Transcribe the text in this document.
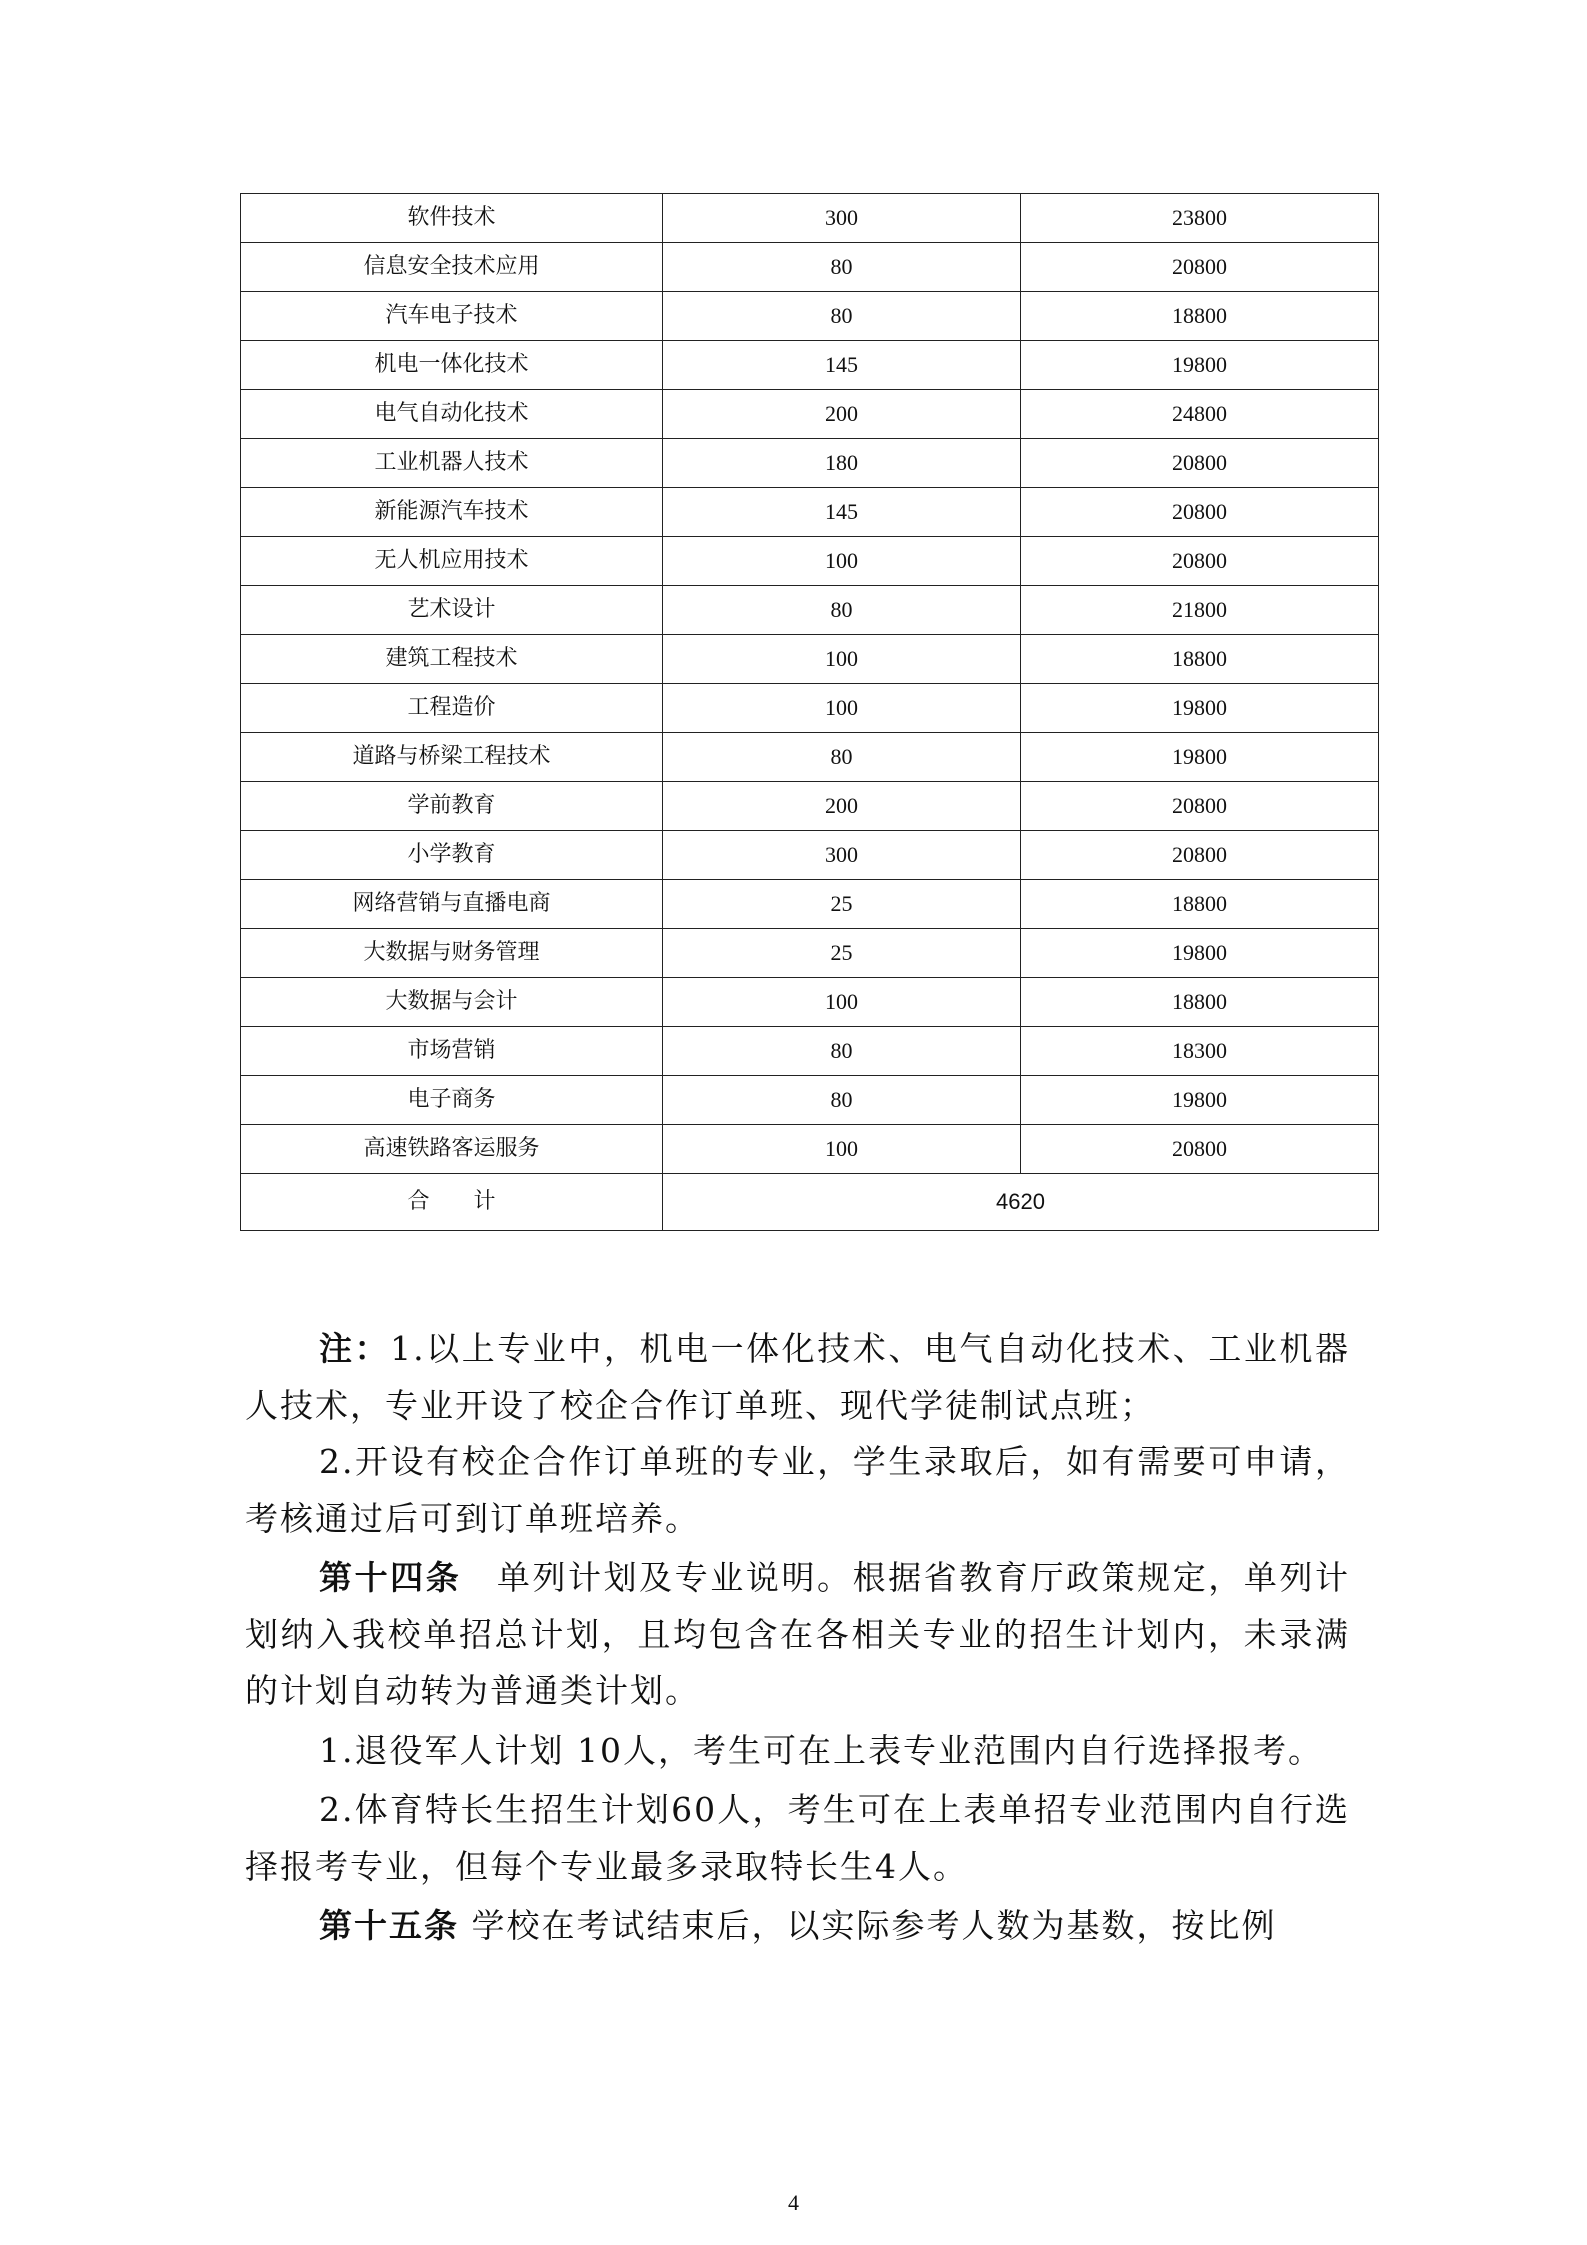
软件技术	300	23800
信息安全技术应用	80	20800
汽车电子技术	80	18800
机电一体化技术	145	19800
电气自动化技术	200	24800
工业机器人技术	180	20800
新能源汽车技术	145	20800
无人机应用技术	100	20800
艺术设计	80	21800
建筑工程技术	100	18800
工程造价	100	19800
道路与桥梁工程技术	80	19800
学前教育	200	20800
小学教育	300	20800
网络营销与直播电商	25	18800
大数据与财务管理	25	19800
大数据与会计	100	18800
市场营销	80	18300
电子商务	80	19800
高速铁路客运服务	100	20800
合　　计	4620	

注：1.以上专业中，机电一体化技术、电气自动化技术、工业机器人技术，专业开设了校企合作订单班、现代学徒制试点班；

2.开设有校企合作订单班的专业，学生录取后，如有需要可申请，考核通过后可到订单班培养。

第十四条　单列计划及专业说明。根据省教育厅政策规定，单列计划纳入我校单招总计划，且均包含在各相关专业的招生计划内，未录满的计划自动转为普通类计划。

1.退役军人计划 10人，考生可在上表专业范围内自行选择报考。

2.体育特长生招生计划60人，考生可在上表单招专业范围内自行选择报考专业，但每个专业最多录取特长生4人。

第十五条 学校在考试结束后，以实际参考人数为基数，按比例

4
